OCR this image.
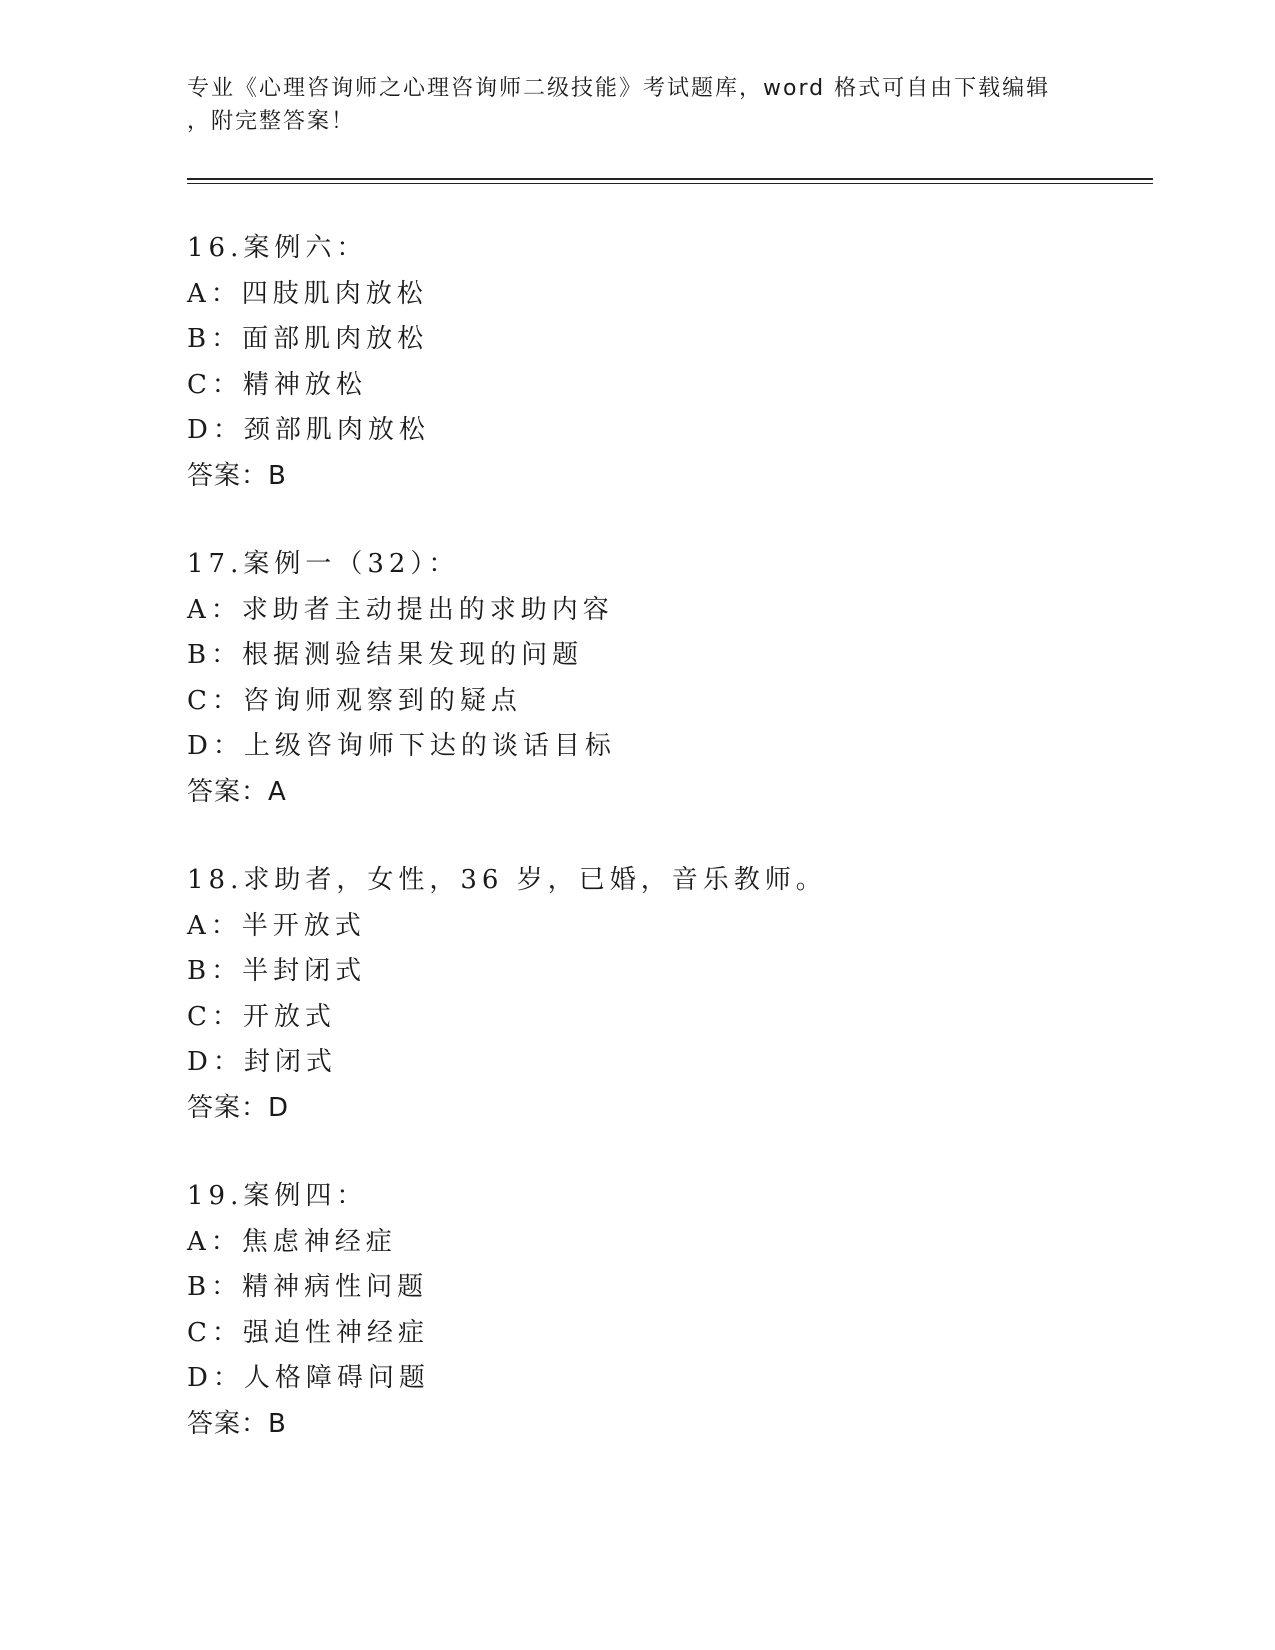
专业《心理咨询师之心理咨询师二级技能》考试题库，word 格式可自由下载编辑
，附完整答案！
16.案例六：
A：四肢肌肉放松
B：面部肌肉放松
C：精神放松
D：颈部肌肉放松
答案：B
17.案例一（32）：
A：求助者主动提出的求助内容
B：根据测验结果发现的问题
C：咨询师观察到的疑点
D：上级咨询师下达的谈话目标
答案：A
18.求助者，女性，36 岁，已婚，音乐教师。
A：半开放式
B：半封闭式
C：开放式
D：封闭式
答案：D
19.案例四：
A：焦虑神经症
B：精神病性问题
C：强迫性神经症
D：人格障碍问题
答案：B
